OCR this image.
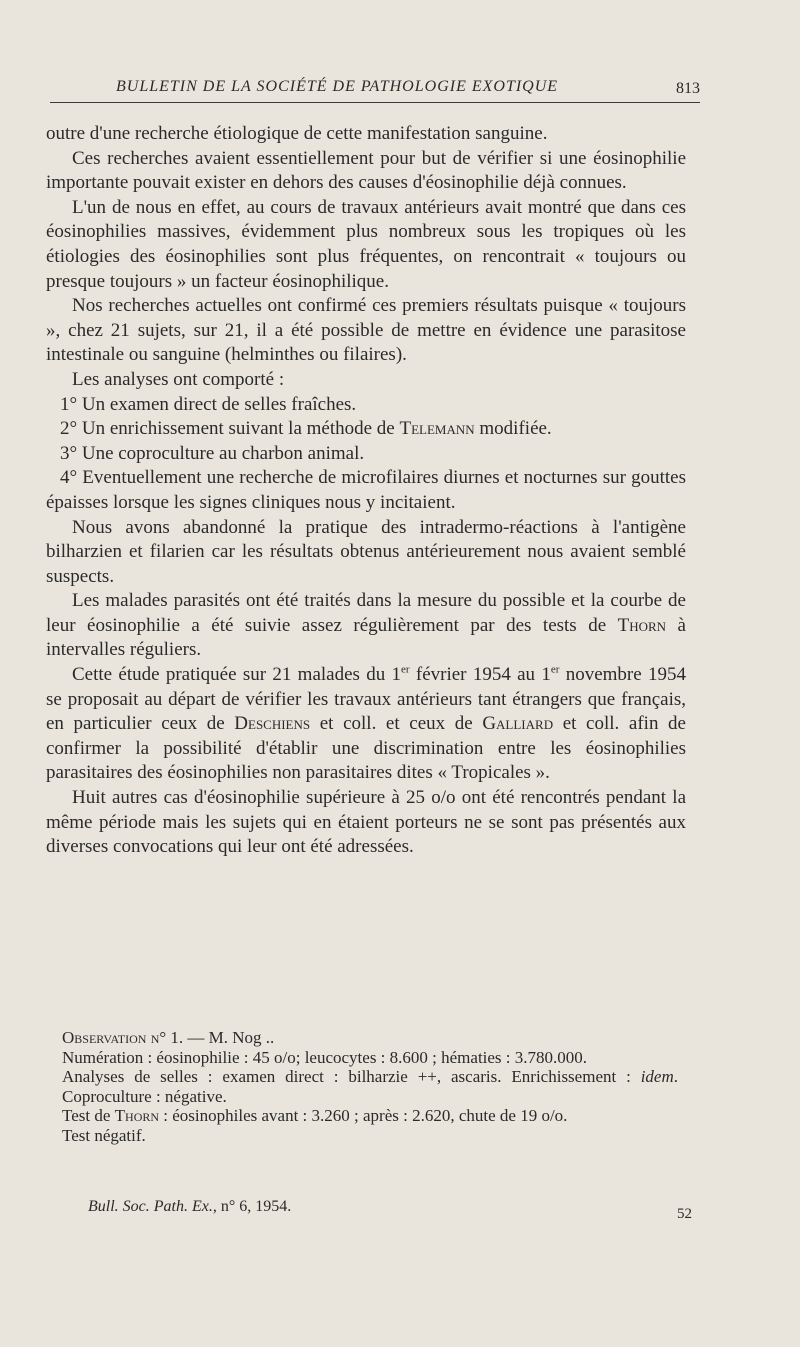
BULLETIN DE LA SOCIÉTÉ DE PATHOLOGIE EXOTIQUE	813

outre d'une recherche étiologique de cette manifestation sanguine.

Ces recherches avaient essentiellement pour but de vérifier si une éosinophilie importante pouvait exister en dehors des causes d'éosinophilie déjà connues.

L'un de nous en effet, au cours de travaux antérieurs avait montré que dans ces éosinophilies massives, évidemment plus nombreux sous les tropiques où les étiologies des éosinophilies sont plus fréquentes, on rencontrait « toujours ou presque toujours » un facteur éosinophilique.

Nos recherches actuelles ont confirmé ces premiers résultats puisque « toujours », chez 21 sujets, sur 21, il a été possible de mettre en évidence une parasitose intestinale ou sanguine (helminthes ou filaires).

Les analyses ont comporté :

1° Un examen direct de selles fraîches.

2° Un enrichissement suivant la méthode de Telemann modifiée.

3° Une coproculture au charbon animal.

4° Eventuellement une recherche de microfilaires diurnes et nocturnes sur gouttes épaisses lorsque les signes cliniques nous y incitaient.

Nous avons abandonné la pratique des intradermo-réactions à l'antigène bilharzien et filarien car les résultats obtenus antérieurement nous avaient semblé suspects.

Les malades parasités ont été traités dans la mesure du possible et la courbe de leur éosinophilie a été suivie assez régulièrement par des tests de Thorn à intervalles réguliers.

Cette étude pratiquée sur 21 malades du 1er février 1954 au 1er novembre 1954 se proposait au départ de vérifier les travaux antérieurs tant étrangers que français, en particulier ceux de Deschiens et coll. et ceux de Galliard et coll. afin de confirmer la possibilité d'établir une discrimination entre les éosinophilies parasitaires des éosinophilies non parasitaires dites « Tropicales ».

Huit autres cas d'éosinophilie supérieure à 25 o/o ont été rencontrés pendant la même période mais les sujets qui en étaient porteurs ne se sont pas présentés aux diverses convocations qui leur ont été adressées.

Observation n° 1. — M. Nog ..

Numération : éosinophilie : 45 o/o; leucocytes : 8.600 ; hématies : 3.780.000.

Analyses de selles : examen direct : bilharzie ++, ascaris. Enrichissement : idem. Coproculture : négative.

Test de Thorn : éosinophiles avant : 3.260 ; après : 2.620, chute de 19 o/o.

Test négatif.

Bull. Soc. Path. Ex., n° 6, 1954.	52
